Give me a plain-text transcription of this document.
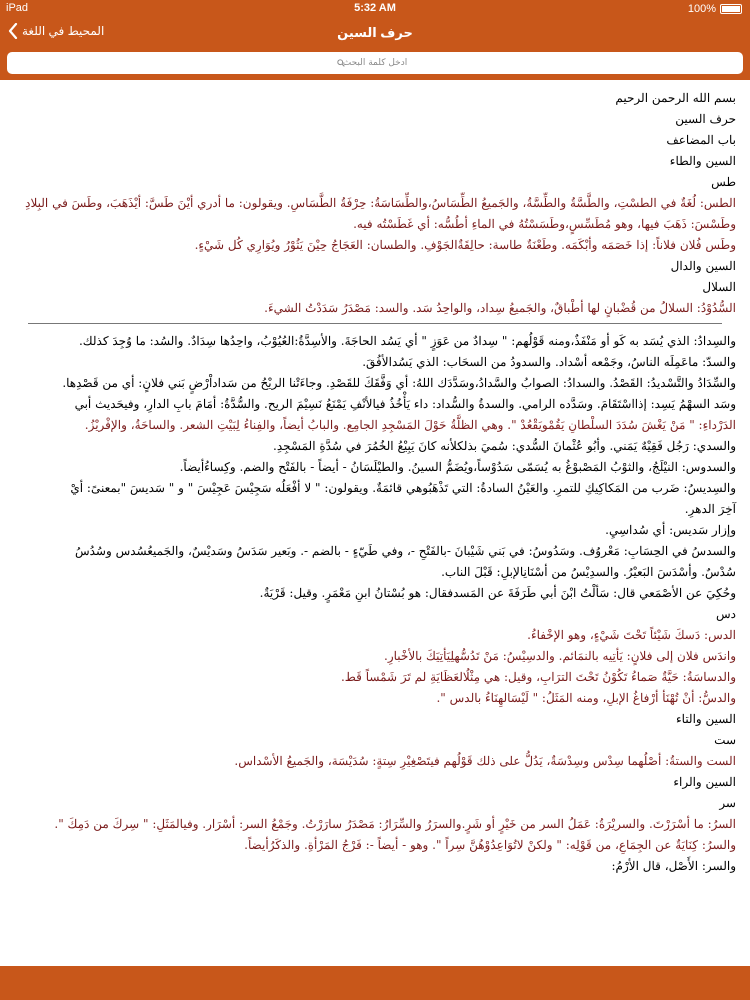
iPad	5:32 AM	100%
المحيط في اللغة	حرف السين
ادخل كلمة البحث
بسم الله الرحمن الرحيم
حرف السين
باب المضاعف
السين والطاء
طس
الطس: لُغَةٌ في الطسْتِ، والطَّسَّةُ والطِّسَّةُ، والجَميعُ الطِّسَاسُ،والطِّسَاسَةُ: حِرْفَةُ الطَّسَاسِ. ويقولون: ما أدري أيْنَ طَسَّ: أيْذَهَبَ، وطَسَ في البِلادِ
وطَسْسَ: ذَهَبَ فيها، وهو مُطَسِّسٍ،وطَسَسْتُهُ في الماءِ أطُسُّه: أي غَطَسْتُه فيه.
وطَس فُلان فلاناً: إذا خَصَمَه وأبْكَمَه. وطَعْنَةٌ طاسة: حالِقَةٌالجَوْفِ. والطسان: العَجَاجُ حِيْنَ يَثُوْرُ ويُوَارِي كُل شَيْءٍ.
السين والدال
السلال
السُّدُوْدُ: السلالُ من قُضْبانٍ لها أطْباقٌ، والجَميعُ سِداد، والواحِدُ سَد. والسد: مَصْدَرُ سَدَدْتُ الشيءَ.
والسِدادُ: الذي يُسَد به كَو أو مَنْفَذٌ،ومنه قَوْلُهم: " سِدادٌ من عَوَزٍ " أي يَسُد الحاجَةَ. والأسِدَّةُ:العُيُوْبُ، واحِدُها سِدَادٌ. والسُد: ما وُجِدَ كذلك.
والسدّ: ماعَمِلَه الناسُ، وجَمْعه أسْداد. والسدودُ من السحَاب: الذي يَسُدالأفُقَ.
والسِّدَادُ والتَّسْديدُ: القَصْدُ. والسدادُ: الصوابُ والسَّدادُ،وسَدَّدَك اللهُ: أي وَفَّقَكَ للقَصْدِ. وجاءَتْنا الريْحُ من سَداداْرْضٍ بَني فلانٍ: أي من قَصْدِها.
وسَد السهْمُ يَسِد: إذااسْتَقَامَ. وسَدَّده الرامي. والسدةُ والسُّداد: داء يَأْخُذُ فيالأنْفِ يَمْنَعُ نَسِيْمَ الريح. والسُّدَّةُ: أمَامَ بابِ الدارِ، وفيحَديث أبي
الدَرْداءِ: " مَنْ يَغْشَ سُدَدَ السلْطانِ يَقُمْويَقْعُدْ ". وهي الظلَّةُ حَوْلَ المَسْجِدِ الجامِع. والبابُ أيضاً، والفِناءُ لِبَيْتِ الشعر. والساحَةُ، والإفْريْزُ.
والسدي: رَجُل فَقِيْهٌ يَمَني. وأبُو عُثْمانَ السُّدي: سُميَ بذلكلأنه كانَ يَبِيْعُ الخُمُرَ في سُدَّةِ المَسْجِدِ.
والسدوس: النيْلَجُ، والثوْبُ المَصْبوْغُ به يُسَمّى سَدُوْساً،ويُضَمُّ السينُ. والطيْلَسَانُ - أيضاً - بالفَتْح والضم. وكِساءُأيضاً.
والسِديسُ: ضَرب من المَكاكِيكِ للتمرِ. والعَيْنُ السادةُ: التي تَذْهَبُوهي قائمَةٌ. ويقولون: " لا أفْعَلُه سَجِيْسَ عَجِيْسَ " و " سَديسَ "بمعنىً: أيْ
آخِرَ الدهرِ.
وإزار سَديس: أي سُداسِيِ.
والسدسُ في الحِسَابِ: مَعْروُف. وسَدُوسُ: في بَني شَيْبانَ -بالفَتْحِ -، وفي طَيّءٍ - بالضم -. وبَعير سَدَسُ وسَديْسٌ، والجَميعُسُدس وسُدُسُ
سُدْسٌ. وأسْدَسَ البَعيْرُ. والسدِيْسُ من أسْنَانِالإبلِ: قَبْلَ الناب.
وحُكِيَ عن الأصْمَعي قال: سَألْتُ ابْنَ أبي طَرَفَةَ عن المَسدفقال: هو بُسْتانُ ابنِ مَعْمَرٍ. وقيل: قَرْيَةٌ.
دس
الدس: دَسكَ شَيْئاً تَحْتَ شَيْءٍ، وهو الإخْفاءُ.
واندَس فلان إلى فلانٍ: يَأتِيه بالنمَائم. والدسِيْسُ: مَنْ تَدُسُّهلِيَأتِيَكَ بالأخْبارِ.
والدساسَةُ: حَيَّةٌ صَماءُ تَكُوْنُ تَحْتَ الترَابِ، وقيل: هي مِثْلُالعَظَايَةِ لم تَرَ شَمْساً قَط.
والدسُّ: أنْ تُهْنَأ أرْفاغُ الإبلِ، ومنه المَثَلُ: " لَيْسَالهِنَاءُ بالدس ".
السين والتاء
ست
الست والستةُ: أصْلُهما سِدْس وسِدْسَةٌ، يَدُلُّ على ذلك قَوْلُهم فيتَصْغِيْرِ سِتةٍ: سُدَيْسَة، والجَميعُ الأسْداس.
السين والراء
سر
السرُ: ما أسْرَرْتَ. والسريْرَةُ: عَمَلُ السر من خَيْرٍ أو شَرٍ.والسرَرُ والسِّرَارُ: مَصْدَرُ سارَرْتُ. وجَمْعُ السر: أسْرَار. وفيالمَثَلِ: " سِركَ من دَمِكَ ".
والسرُ: كِنَايَةٌ عن الجِمَاعِ، من قَوْلِه: " ولكنْ لاتُوَاعِدُوْهُنَّ سِراً ". وهو - أيضاً -: فَرْجُ المَرْأةِ. والذكَرُأيضاً.
والسر: الأَصْل، قال الأرْمُ:
